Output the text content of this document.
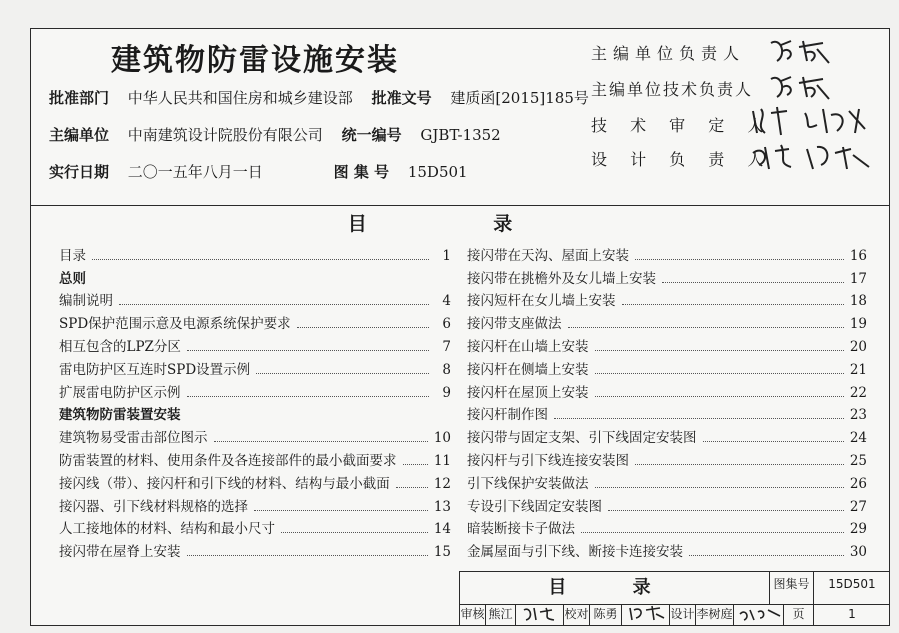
建筑物防雷设施安装
批准部门 中华人民共和国住房和城乡建设部 批准文号 建质函[2015]185号
主编单位 中南建筑设计院股份有限公司 统一编号 GJBT-1352
实行日期 二〇一五年八月一日	图 集 号 15D501
主编单位负责人
主编单位技术负责人
技 术 审 定 人
设 计 负 责 人
目 录
目录	1
总则
编制说明	4
SPD保护范围示意及电源系统保护要求	6
相互包含的LPZ分区	7
雷电防护区互连时SPD设置示例	8
扩展雷电防护区示例	9
建筑物防雷装置安装
建筑物易受雷击部位图示	10
防雷装置的材料、使用条件及各连接部件的最小截面要求	11
接闪线（带）、接闪杆和引下线的材料、结构与最小截面	12
接闪器、引下线材料规格的选择	13
人工接地体的材料、结构和最小尺寸	14
接闪带在屋脊上安装	15
接闪带在天沟、屋面上安装	16
接闪带在挑檐外及女儿墙上安装	17
接闪短杆在女儿墙上安装	18
接闪带支座做法	19
接闪杆在山墙上安装	20
接闪杆在侧墙上安装	21
接闪杆在屋顶上安装	22
接闪杆制作图	23
接闪带与固定支架、引下线固定安装图	24
接闪杆与引下线连接安装图	25
引下线保护安装做法	26
专设引下线固定安装图	27
暗装断接卡子做法	29
金属屋面与引下线、断接卡连接安装	30
目 录	图集号	15D501
审核 熊江	校对 陈勇	设计 李树庭	页	1
